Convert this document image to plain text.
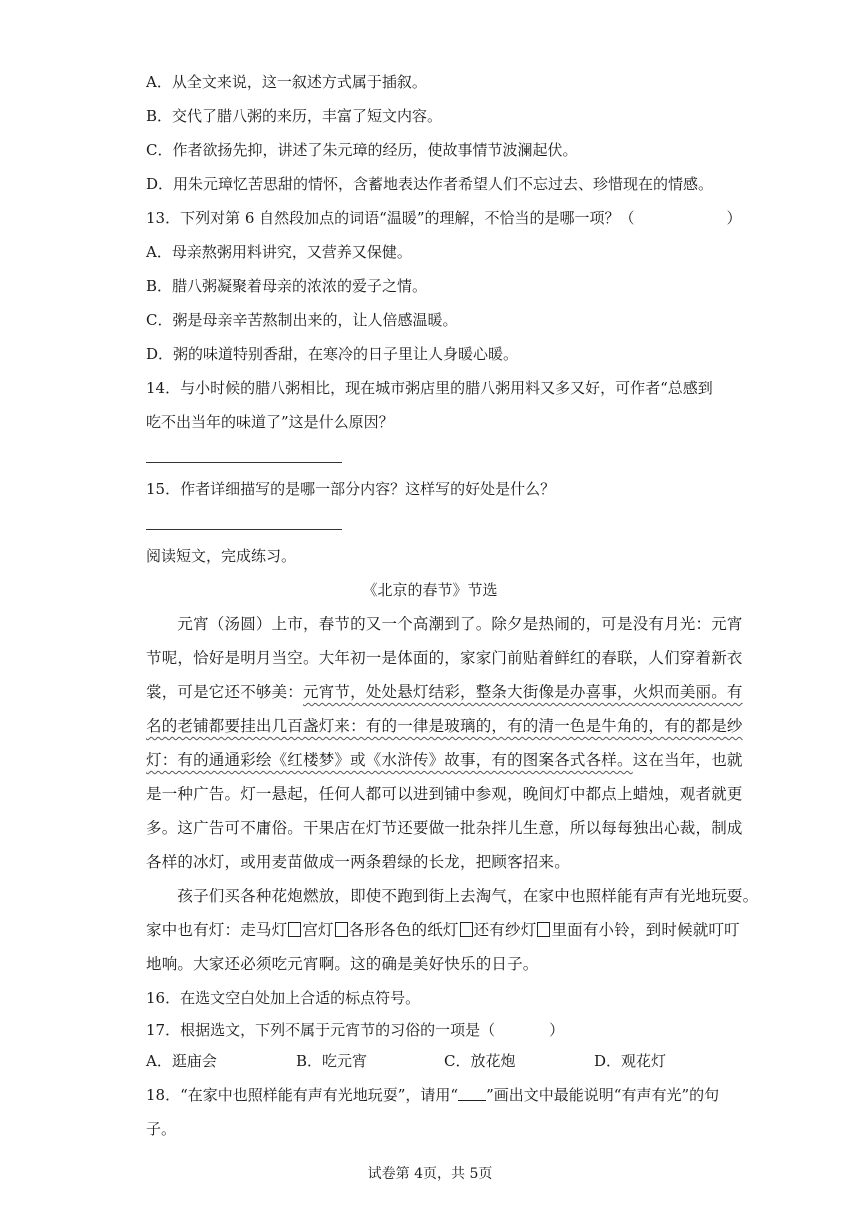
A．从全文来说，这一叙述方式属于插叙。
B．交代了腊八粥的来历，丰富了短文内容。
C．作者欲扬先抑，讲述了朱元璋的经历，使故事情节波澜起伏。
D．用朱元璋忆苦思甜的情怀，含蓄地表达作者希望人们不忘过去、珍惜现在的情感。
13．下列对第 6 自然段加点的词语“温暖”的理解，不恰当的是哪一项？（	）
A．母亲熬粥用料讲究，又营养又保健。
B．腊八粥凝聚着母亲的浓浓的爱子之情。
C．粥是母亲辛苦熬制出来的，让人倍感温暖。
D．粥的味道特别香甜，在寒冷的日子里让人身暖心暖。
14．与小时候的腊八粥相比，现在城市粥店里的腊八粥用料又多又好，可作者“总感到
吃不出当年的味道了”这是什么原因？
15．作者详细描写的是哪一部分内容？这样写的好处是什么？
阅读短文，完成练习。
《北京的春节》节选
　　元宵（汤圆）上市，春节的又一个高潮到了。除夕是热闹的，可是没有月光：元宵
节呢，恰好是明月当空。大年初一是体面的，家家门前贴着鲜红的春联，人们穿着新衣
裳，可是它还不够美：元宵节，处处悬灯结彩，整条大街像是办喜事，火炽而美丽。有
名的老铺都要挂出几百盏灯来：有的一律是玻璃的，有的清一色是牛角的，有的都是纱
灯：有的通通彩绘《红楼梦》或《水浒传》故事，有的图案各式各样。这在当年，也就
是一种广告。灯一悬起，任何人都可以进到铺中参观，晚间灯中都点上蜡烛，观者就更
多。这广告可不庸俗。干果店在灯节还要做一批杂拌儿生意，所以每每独出心裁，制成
各样的冰灯，或用麦苗做成一两条碧绿的长龙，把顾客招来。
　　孩子们买各种花炮燃放，即使不跑到街上去淘气，在家中也照样能有声有光地玩耍。
家中也有灯：走马灯 宫灯 各形各色的纸灯 还有纱灯 里面有小铃，到时候就叮叮
地响。大家还必须吃元宵啊。这的确是美好快乐的日子。
16．在选文空白处加上合适的标点符号。
17．根据选文，下列不属于元宵节的习俗的一项是（	）
A．逛庙会	B．吃元宵	C．放花炮	D．观花灯
18．“在家中也照样能有声有光地玩耍”，请用“ ”画出文中最能说明“有声有光”的句
子。
试卷第 4页，共 5页
